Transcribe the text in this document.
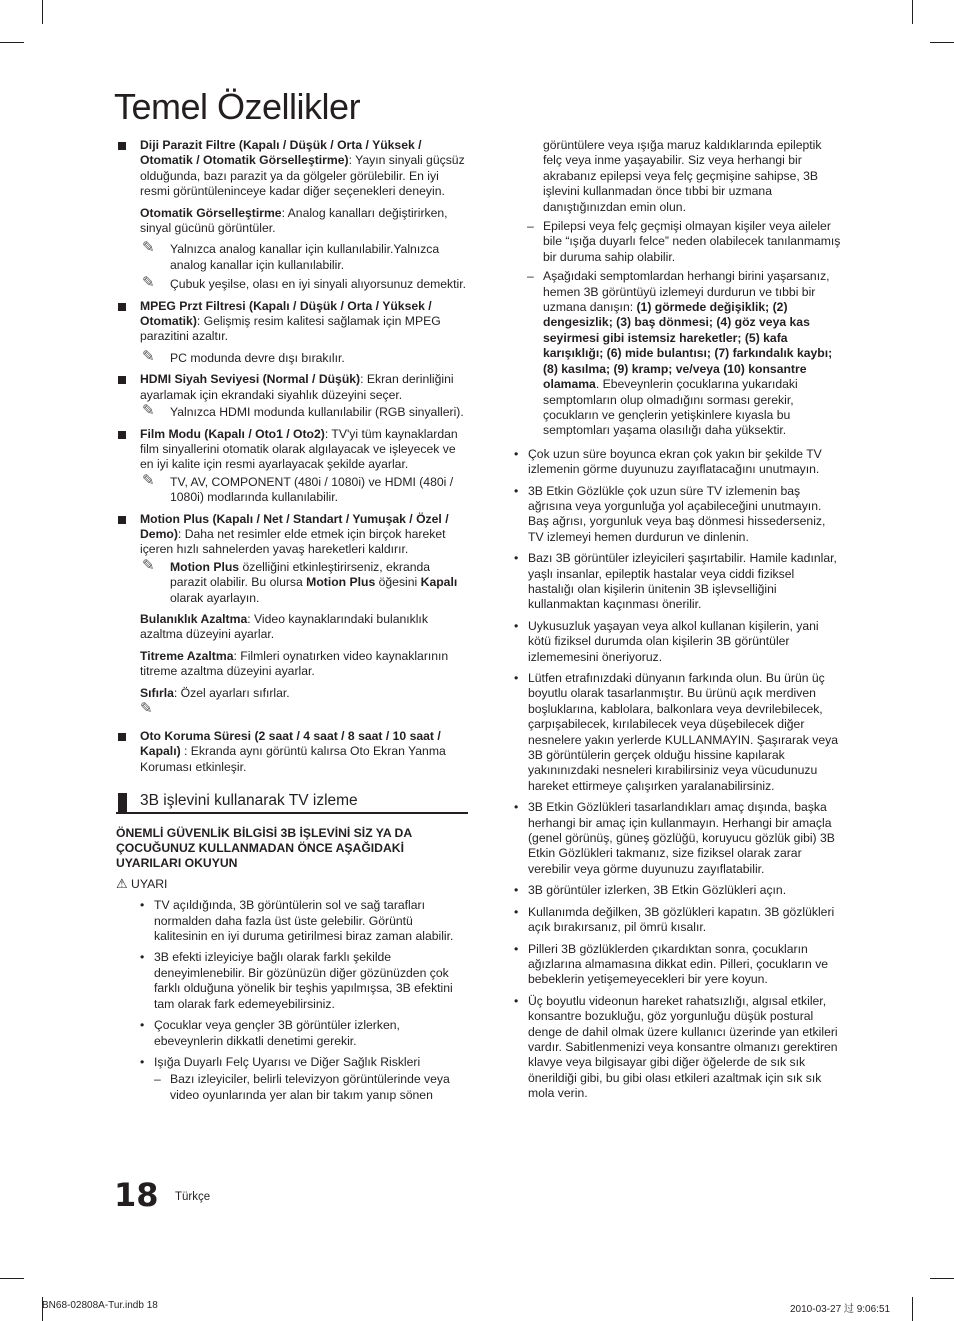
Temel Özellikler

Diji Parazit Filtre (Kapalı / Düşük / Orta / Yüksek / Otomatik / Otomatik Görselleştirme): Yayın sinyali güçsüz olduğunda, bazı parazit ya da gölgeler görülebilir. En iyi resmi görüntüleninceye kadar diğer seçenekleri deneyin.

Otomatik Görselleştirme: Analog kanalları değiştirirken, sinyal gücünü görüntüler.

✎ Yalnızca analog kanallar için kullanılabilir.Yalnızca analog kanallar için kullanılabilir.
✎ Çubuk yeşilse, olası en iyi sinyali alıyorsunuz demektir.

MPEG Przt Filtresi (Kapalı / Düşük / Orta / Yüksek / Otomatik): Gelişmiş resim kalitesi sağlamak için MPEG parazitini azaltır.

✎ PC modunda devre dışı bırakılır.

HDMI Siyah Seviyesi (Normal / Düşük): Ekran derinliğini ayarlamak için ekrandaki siyahlık düzeyini seçer.

✎ Yalnızca HDMI modunda kullanılabilir (RGB sinyalleri).

Film Modu (Kapalı / Oto1 / Oto2): TV'yi tüm kaynaklardan film sinyallerini otomatik olarak algılayacak ve işleyecek ve en iyi kalite için resmi ayarlayacak şekilde ayarlar.

✎ TV, AV, COMPONENT (480i / 1080i) ve HDMI (480i / 1080i) modlarında kullanılabilir.

Motion Plus (Kapalı / Net / Standart / Yumuşak / Özel / Demo): Daha net resimler elde etmek için birçok hareket içeren hızlı sahnelerden yavaş hareketleri kaldırır.

✎ Motion Plus özelliğini etkinleştirirseniz, ekranda parazit olabilir. Bu olursa Motion Plus öğesini Kapalı olarak ayarlayın.

Bulanıklık Azaltma: Video kaynaklarındaki bulanıklık azaltma düzeyini ayarlar.

Titreme Azaltma: Filmleri oynatırken video kaynaklarının titreme azaltma düzeyini ayarlar.

Sıfırla: Özel ayarları sıfırlar.

✎

Oto Koruma Süresi (2 saat / 4 saat / 8 saat / 10 saat / Kapalı) : Ekranda aynı görüntü kalırsa Oto Ekran Yanma Koruması etkinleşir.

3B işlevini kullanarak TV izleme
ÖNEMLİ GÜVENLİK BİLGİSİ 3B İŞLEVİNİ SİZ YA DA ÇOCUĞUNUZ KULLANMADAN ÖNCE AŞAĞIDAKİ UYARILARI OKUYUN
⚠ UYARI
• TV açıldığında, 3B görüntülerin sol ve sağ tarafları normalden daha fazla üst üste gelebilir. Görüntü kalitesinin en iyi duruma getirilmesi biraz zaman alabilir.
• 3B efekti izleyiciye bağlı olarak farklı şekilde deneyimlenebilir. Bir gözünüzün diğer gözünüzden çok farklı olduğuna yönelik bir teşhis yapılmışsa, 3B efektini tam olarak fark edemeyebilirsiniz.
• Çocuklar veya gençler 3B görüntüler izlerken, ebeveynlerin dikkatli denetimi gerekir.
• Işığa Duyarlı Felç Uyarısı ve Diğer Sağlık Riskleri
– Bazı izleyiciler, belirli televizyon görüntülerinde veya video oyunlarında yer alan bir takım yanıp sönen
görüntülere veya ışığa maruz kaldıklarında epileptik felç veya inme yaşayabilir. Siz veya herhangi bir akrabanız epilepsi veya felç geçmişine sahipse, 3B işlevini kullanmadan önce tıbbi bir uzmana danıştığınızdan emin olun.
– Epilepsi veya felç geçmişi olmayan kişiler veya aileler bile “ışığa duyarlı felce” neden olabilecek tanılanmamış bir duruma sahip olabilir.
– Aşağıdaki semptomlardan herhangi birini yaşarsanız, hemen 3B görüntüyü izlemeyi durdurun ve tıbbi bir uzmana danışın: (1) görmede değişiklik; (2) dengesizlik; (3) baş dönmesi; (4) göz veya kas seyirmesi gibi istemsiz hareketler; (5) kafa karışıklığı; (6) mide bulantısı; (7) farkındalık kaybı; (8) kasılma; (9) kramp; ve/veya (10) konsantre olamama. Ebeveynlerin çocuklarına yukarıdaki semptomların olup olmadığını sorması gerekir, çocukların ve gençlerin yetişkinlere kıyasla bu semptomları yaşama olasılığı daha yüksektir.
• Çok uzun süre boyunca ekran çok yakın bir şekilde TV izlemenin görme duyunuzu zayıflatacağını unutmayın.
• 3B Etkin Gözlükle çok uzun süre TV izlemenin baş ağrısına veya yorgunluğa yol açabileceğini unutmayın. Baş ağrısı, yorgunluk veya baş dönmesi hissederseniz, TV izlemeyi hemen durdurun ve dinlenin.
• Bazı 3B görüntüler izleyicileri şaşırtabilir. Hamile kadınlar, yaşlı insanlar, epileptik hastalar veya ciddi fiziksel hastalığı olan kişilerin ünitenin 3B işlevselliğini kullanmaktan kaçınması önerilir.
• Uykusuzluk yaşayan veya alkol kullanan kişilerin, yani kötü fiziksel durumda olan kişilerin 3B görüntüler izlememesini öneriyoruz.
• Lütfen etrafınızdaki dünyanın farkında olun. Bu ürün üç boyutlu olarak tasarlanmıştır. Bu ürünü açık merdiven boşluklarına, kablolara, balkonlara veya devrilebilecek, çarpışabilecek, kırılabilecek veya düşebilecek diğer nesnelere yakın yerlerde KULLANMAYIN. Şaşırarak veya 3B görüntülerin gerçek olduğu hissine kapılarak yakınınızdaki nesneleri kırabilirsiniz veya vücudunuzu hareket ettirmeye çalışırken yaralanabilirsiniz.
• 3B Etkin Gözlükleri tasarlandıkları amaç dışında, başka herhangi bir amaç için kullanmayın. Herhangi bir amaçla (genel görünüş, güneş gözlüğü, koruyucu gözlük gibi) 3B Etkin Gözlükleri takmanız, size fiziksel olarak zarar verebilir veya görme duyunuzu zayıflatabilir.
• 3B görüntüler izlerken, 3B Etkin Gözlükleri açın.
• Kullanımda değilken, 3B gözlükleri kapatın. 3B gözlükleri açık bırakırsanız, pil ömrü kısalır.
• Pilleri 3B gözlüklerden çıkardıktan sonra, çocukların ağızlarına almamasına dikkat edin. Pilleri, çocukların ve bebeklerin yetişemeyecekleri bir yere koyun.
• Üç boyutlu videonun hareket rahatsızlığı, algısal etkiler, konsantre bozukluğu, göz yorgunluğu düşük postural denge de dahil olmak üzere kullanıcı üzerinde yan etkileri vardır. Sabitlenmenizi veya konsantre olmanızı gerektiren klavye veya bilgisayar gibi diğer öğelerde de sık sık önerildiği gibi, bu gibi olası etkileri azaltmak için sık sık mola verin.
18 Türkçe
BN68-02808A-Tur.indb 18	2010-03-27 过 9:06:51
